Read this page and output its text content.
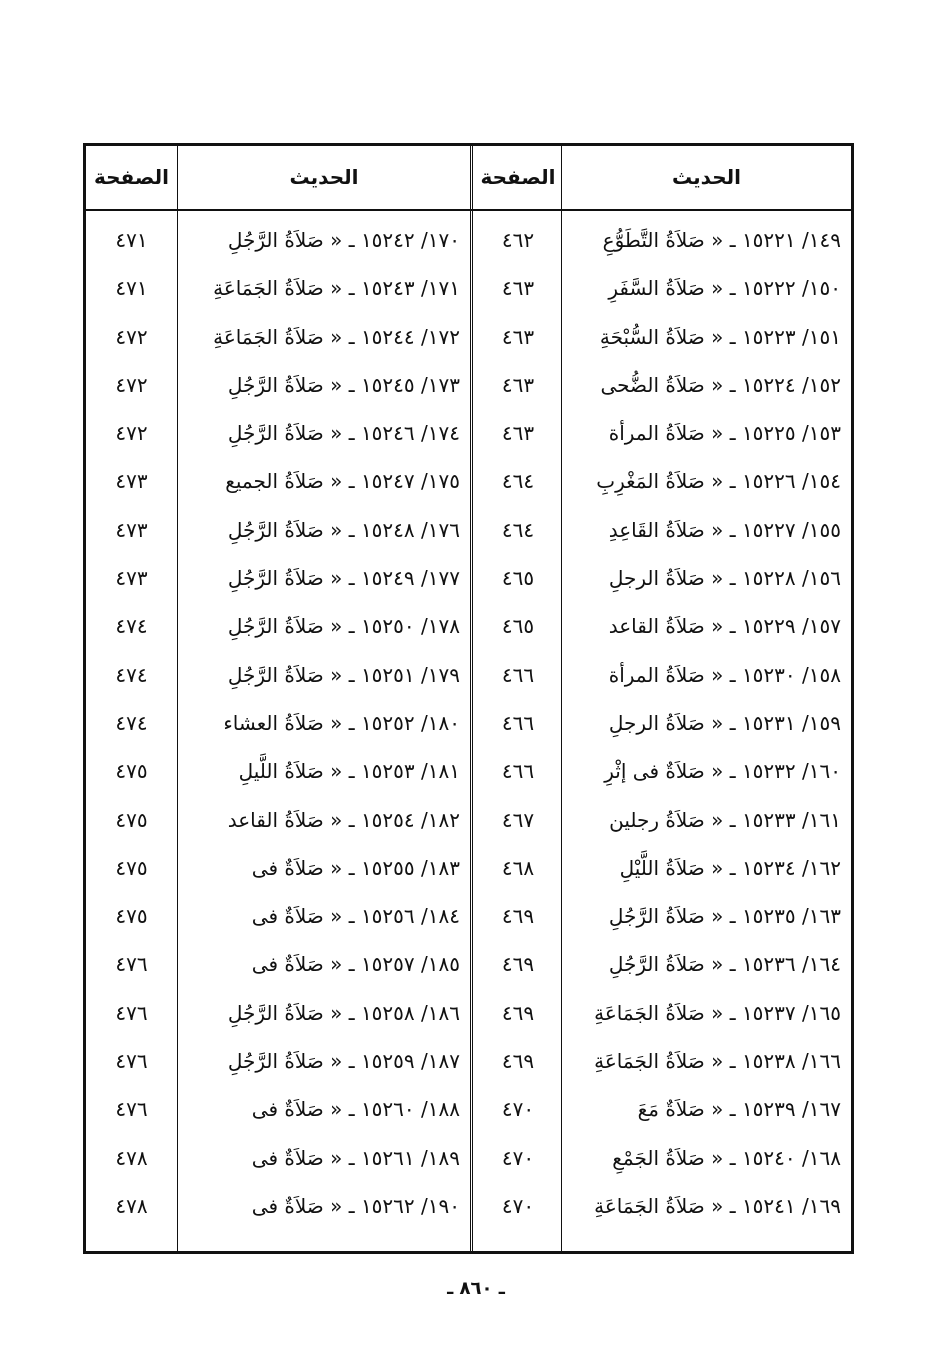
الحديث
الصفحة
الحديث
الصفحة
١٤٩/ ١٥٢٢١ ـ « صَلاَةُ التَّطَوُّعِ
١٥٠/ ١٥٢٢٢ ـ « صَلاَةُ السَّفَرِ
١٥١/ ١٥٢٢٣ ـ « صَلاَةُ السُّبْحَةِ
١٥٢/ ١٥٢٢٤ ـ « صَلاَةُ الضُّحى
١٥٣/ ١٥٢٢٥ ـ « صَلاَةُ المرأة
١٥٤/ ١٥٢٢٦ ـ « صَلاَةُ المَغْرِبِ
١٥٥/ ١٥٢٢٧ ـ « صَلاَةُ القَاعِدِ
١٥٦/ ١٥٢٢٨ ـ « صَلاَةُ الرجلِ
١٥٧/ ١٥٢٢٩ ـ « صَلاَةُ القاعد
١٥٨/ ١٥٢٣٠ ـ « صَلاَةُ المرأة
١٥٩/ ١٥٢٣١ ـ « صَلاَةُ الرجلِ
١٦٠/ ١٥٢٣٢ ـ « صَلاَةٌ فى إثْرِ
١٦١/ ١٥٢٣٣ ـ « صَلاَةُ رجلين
١٦٢/ ١٥٢٣٤ ـ « صَلاَةُ اللَّيْلِ
١٦٣/ ١٥٢٣٥ ـ « صَلاَةُ الرَّجُلِ
١٦٤/ ١٥٢٣٦ ـ « صَلاَةُ الرَّجُلِ
١٦٥/ ١٥٢٣٧ ـ « صَلاَةُ الجَمَاعَةِ
١٦٦/ ١٥٢٣٨ ـ « صَلاَةُ الجَمَاعَةِ
١٦٧/ ١٥٢٣٩ ـ « صَلاَةٌ مَعَ
١٦٨/ ١٥٢٤٠ ـ « صَلاَةُ الجَمْعِ
١٦٩/ ١٥٢٤١ ـ « صَلاَةُ الجَمَاعَةِ
٤٦٢
٤٦٣
٤٦٣
٤٦٣
٤٦٣
٤٦٤
٤٦٤
٤٦٥
٤٦٥
٤٦٦
٤٦٦
٤٦٦
٤٦٧
٤٦٨
٤٦٩
٤٦٩
٤٦٩
٤٦٩
٤٧٠
٤٧٠
٤٧٠
١٧٠/ ١٥٢٤٢ ـ « صَلاَةُ الرَّجُلِ
١٧١/ ١٥٢٤٣ ـ « صَلاَةُ الجَمَاعَةِ
١٧٢/ ١٥٢٤٤ ـ « صَلاَةُ الجَمَاعَةِ
١٧٣/ ١٥٢٤٥ ـ « صَلاَةُ الرَّجُلِ
١٧٤/ ١٥٢٤٦ ـ « صَلاَةُ الرَّجُلِ
١٧٥/ ١٥٢٤٧ ـ « صَلاَةُ الجميع
١٧٦/ ١٥٢٤٨ ـ « صَلاَةُ الرَّجُلِ
١٧٧/ ١٥٢٤٩ ـ « صَلاَةُ الرَّجُلِ
١٧٨/ ١٥٢٥٠ ـ « صَلاَةُ الرَّجُلِ
١٧٩/ ١٥٢٥١ ـ « صَلاَةُ الرَّجُلِ
١٨٠/ ١٥٢٥٢ ـ « صَلاَةُ العشاء
١٨١/ ١٥٢٥٣ ـ « صَلاَةُ اللَّيلِ
١٨٢/ ١٥٢٥٤ ـ « صَلاَةُ القاعد
١٨٣/ ١٥٢٥٥ ـ « صَلاَةٌ فى
١٨٤/ ١٥٢٥٦ ـ « صَلاَةٌ فى
١٨٥/ ١٥٢٥٧ ـ « صَلاَةٌ فى
١٨٦/ ١٥٢٥٨ ـ « صَلاَةُ الرَّجُلِ
١٨٧/ ١٥٢٥٩ ـ « صَلاَةُ الرَّجُلِ
١٨٨/ ١٥٢٦٠ ـ « صَلاَةٌ فى
١٨٩/ ١٥٢٦١ ـ « صَلاَةٌ فى
١٩٠/ ١٥٢٦٢ ـ « صَلاَةٌ فى
٤٧١
٤٧١
٤٧٢
٤٧٢
٤٧٢
٤٧٣
٤٧٣
٤٧٣
٤٧٤
٤٧٤
٤٧٤
٤٧٥
٤٧٥
٤٧٥
٤٧٥
٤٧٦
٤٧٦
٤٧٦
٤٧٦
٤٧٨
٤٧٨
ـ ٨٦٠ ـ
